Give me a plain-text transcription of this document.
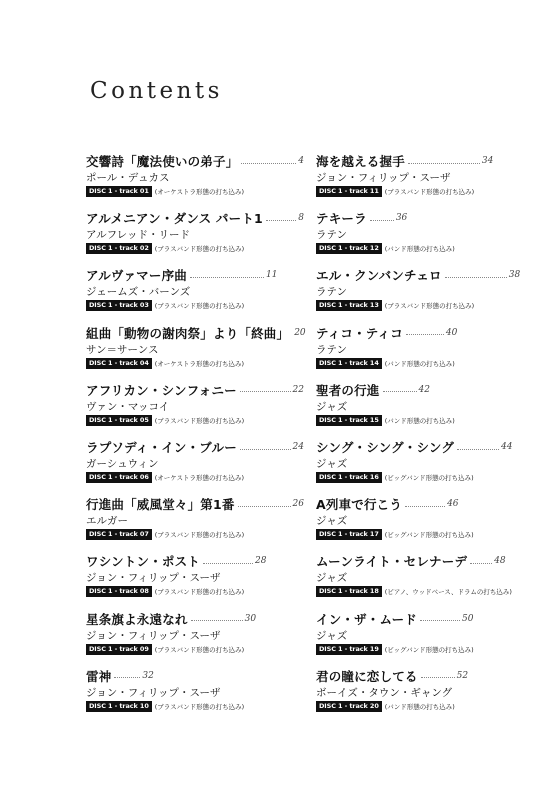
Contents
交響詩「魔法使いの弟子」	4
ポール・デュカス
DISC 1 - track 01 (オーケストラ形態の打ち込み)
アルメニアン・ダンス パート1	8
アルフレッド・リード
DISC 1 - track 02 (ブラスバンド形態の打ち込み)
アルヴァマー序曲	11
ジェームズ・バーンズ
DISC 1 - track 03 (ブラスバンド形態の打ち込み)
組曲「動物の謝肉祭」より「終曲」 20
サン＝サーンス
DISC 1 - track 04 (オーケストラ形態の打ち込み)
アフリカン・シンフォニー	22
ヴァン・マッコイ
DISC 1 - track 05 (ブラスバンド形態の打ち込み)
ラプソディ・イン・ブルー	24
ガーシュウィン
DISC 1 - track 06 (オーケストラ形態の打ち込み)
行進曲「威風堂々」第1番	26
エルガー
DISC 1 - track 07 (ブラスバンド形態の打ち込み)
ワシントン・ポスト	28
ジョン・フィリップ・スーザ
DISC 1 - track 08 (ブラスバンド形態の打ち込み)
星条旗よ永遠なれ	30
ジョン・フィリップ・スーザ
DISC 1 - track 09 (ブラスバンド形態の打ち込み)
雷神	32
ジョン・フィリップ・スーザ
DISC 1 - track 10 (ブラスバンド形態の打ち込み)
海を越える握手	34
ジョン・フィリップ・スーザ
DISC 1 - track 11 (ブラスバンド形態の打ち込み)
テキーラ	36
ラテン
DISC 1 - track 12 (バンド形態の打ち込み)
エル・クンバンチェロ	38
ラテン
DISC 1 - track 13 (ブラスバンド形態の打ち込み)
ティコ・ティコ	40
ラテン
DISC 1 - track 14 (バンド形態の打ち込み)
聖者の行進	42
ジャズ
DISC 1 - track 15 (バンド形態の打ち込み)
シング・シング・シング	44
ジャズ
DISC 1 - track 16 (ビッグバンド形態の打ち込み)
A列車で行こう	46
ジャズ
DISC 1 - track 17 (ビッグバンド形態の打ち込み)
ムーンライト・セレナーデ	48
ジャズ
DISC 1 - track 18 (ピアノ、ウッドベース、ドラムの打ち込み)
イン・ザ・ムード	50
ジャズ
DISC 1 - track 19 (ビッグバンド形態の打ち込み)
君の瞳に恋してる	52
ボーイズ・タウン・ギャング
DISC 1 - track 20 (バンド形態の打ち込み)
